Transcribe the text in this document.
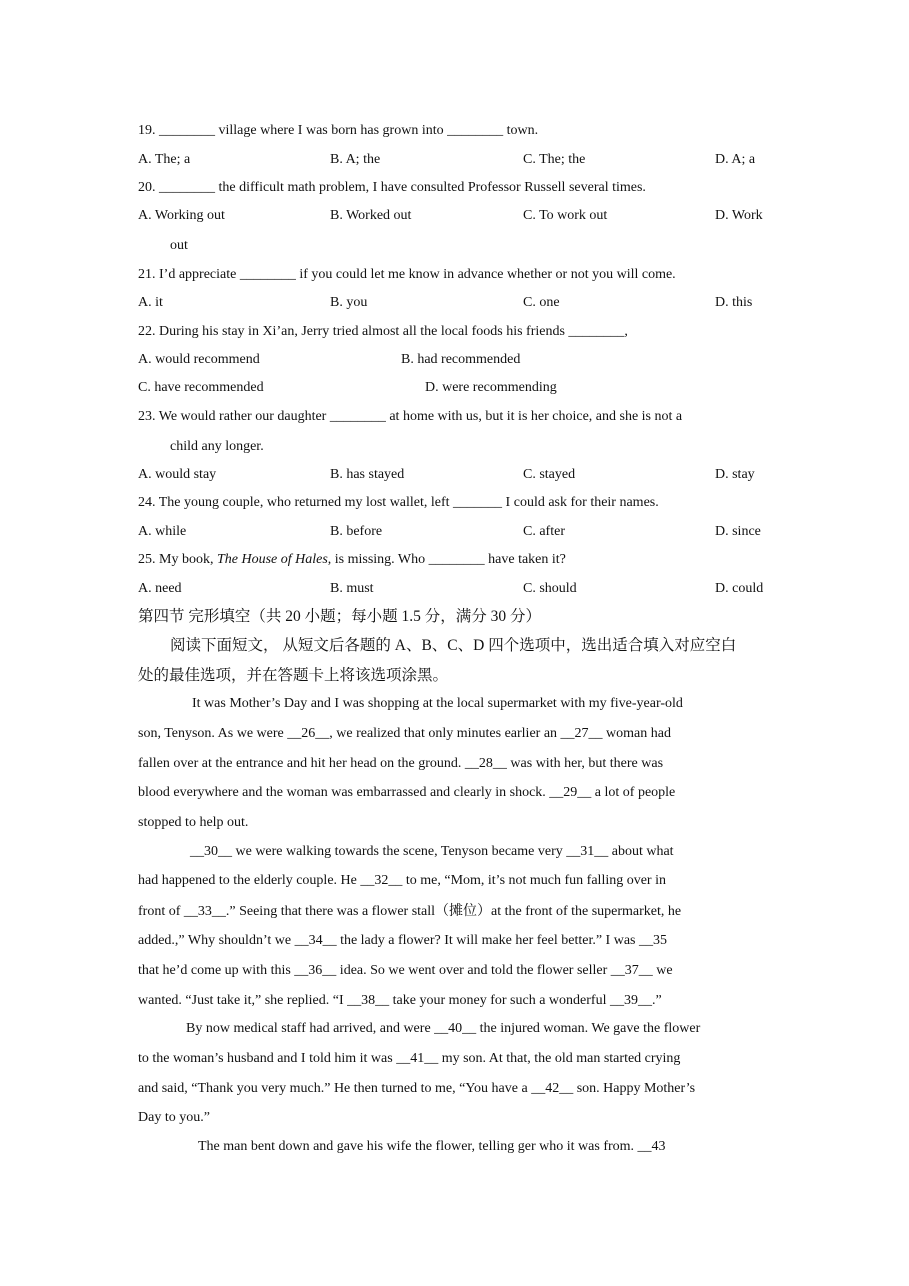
19. ________ village where I was born has grown into ________ town.
A. The; a	B. A; the	C. The; the	D. A; a
20. ________ the difficult math problem, I have consulted Professor Russell several times.
A. Working out	B. Worked out	C. To work out	D. Work
out
21. I’d appreciate ________ if you could let me know in advance whether or not you will come.
A. it	B. you	C. one	D. this
22. During his stay in Xi’an, Jerry tried almost all the local foods his friends ________,
A. would recommend	B. had recommended
C. have recommended	D. were recommending
23. We would rather our daughter ________ at home with us, but it is her choice, and she is not a
child any longer.
A. would stay	B. has stayed	C. stayed	D. stay
24. The young couple, who returned my lost wallet, left _______ I could ask for their names.
A. while	B. before	C. after	D. since
25. My book, The House of Hales, is missing. Who ________ have taken it?
A. need	B. must	C. should	D. could
第四节 完形填空（共 20 小题；每小题 1.5 分，满分 30 分）
阅读下面短文， 从短文后各题的 A、B、C、D 四个选项中，选出适合填入对应空白
处的最佳选项，并在答题卡上将该选项涂黑。
It was Mother’s Day and I was shopping at the local supermarket with my five-year-old
son, Tenyson. As we were __26__, we realized that only minutes earlier an __27__ woman had
fallen over at the entrance and hit her head on the ground. __28__ was with her, but there was
blood everywhere and the woman was embarrassed and clearly in shock. __29__ a lot of people
stopped to help out.
__30__ we were walking towards the scene, Tenyson became very __31__ about what
had happened to the elderly couple. He __32__ to me, “Mom, it’s not much fun falling over in
front of __33__.” Seeing that there was a flower stall（摊位）at the front of the supermarket, he
added.,” Why shouldn’t we __34__ the lady a flower? It will make her feel better.” I was __35
that he’d come up with this __36__ idea. So we went over and told the flower seller __37__ we
wanted. “Just take it,” she replied. “I __38__ take your money for such a wonderful __39__.”
By now medical staff had arrived, and were __40__ the injured woman. We gave the flower
to the woman’s husband and I told him it was __41__ my son. At that, the old man started crying
and said, “Thank you very much.” He then turned to me, “You have a __42__ son. Happy Mother’s
Day to you.”
The man bent down and gave his wife the flower, telling ger who it was from. __43
